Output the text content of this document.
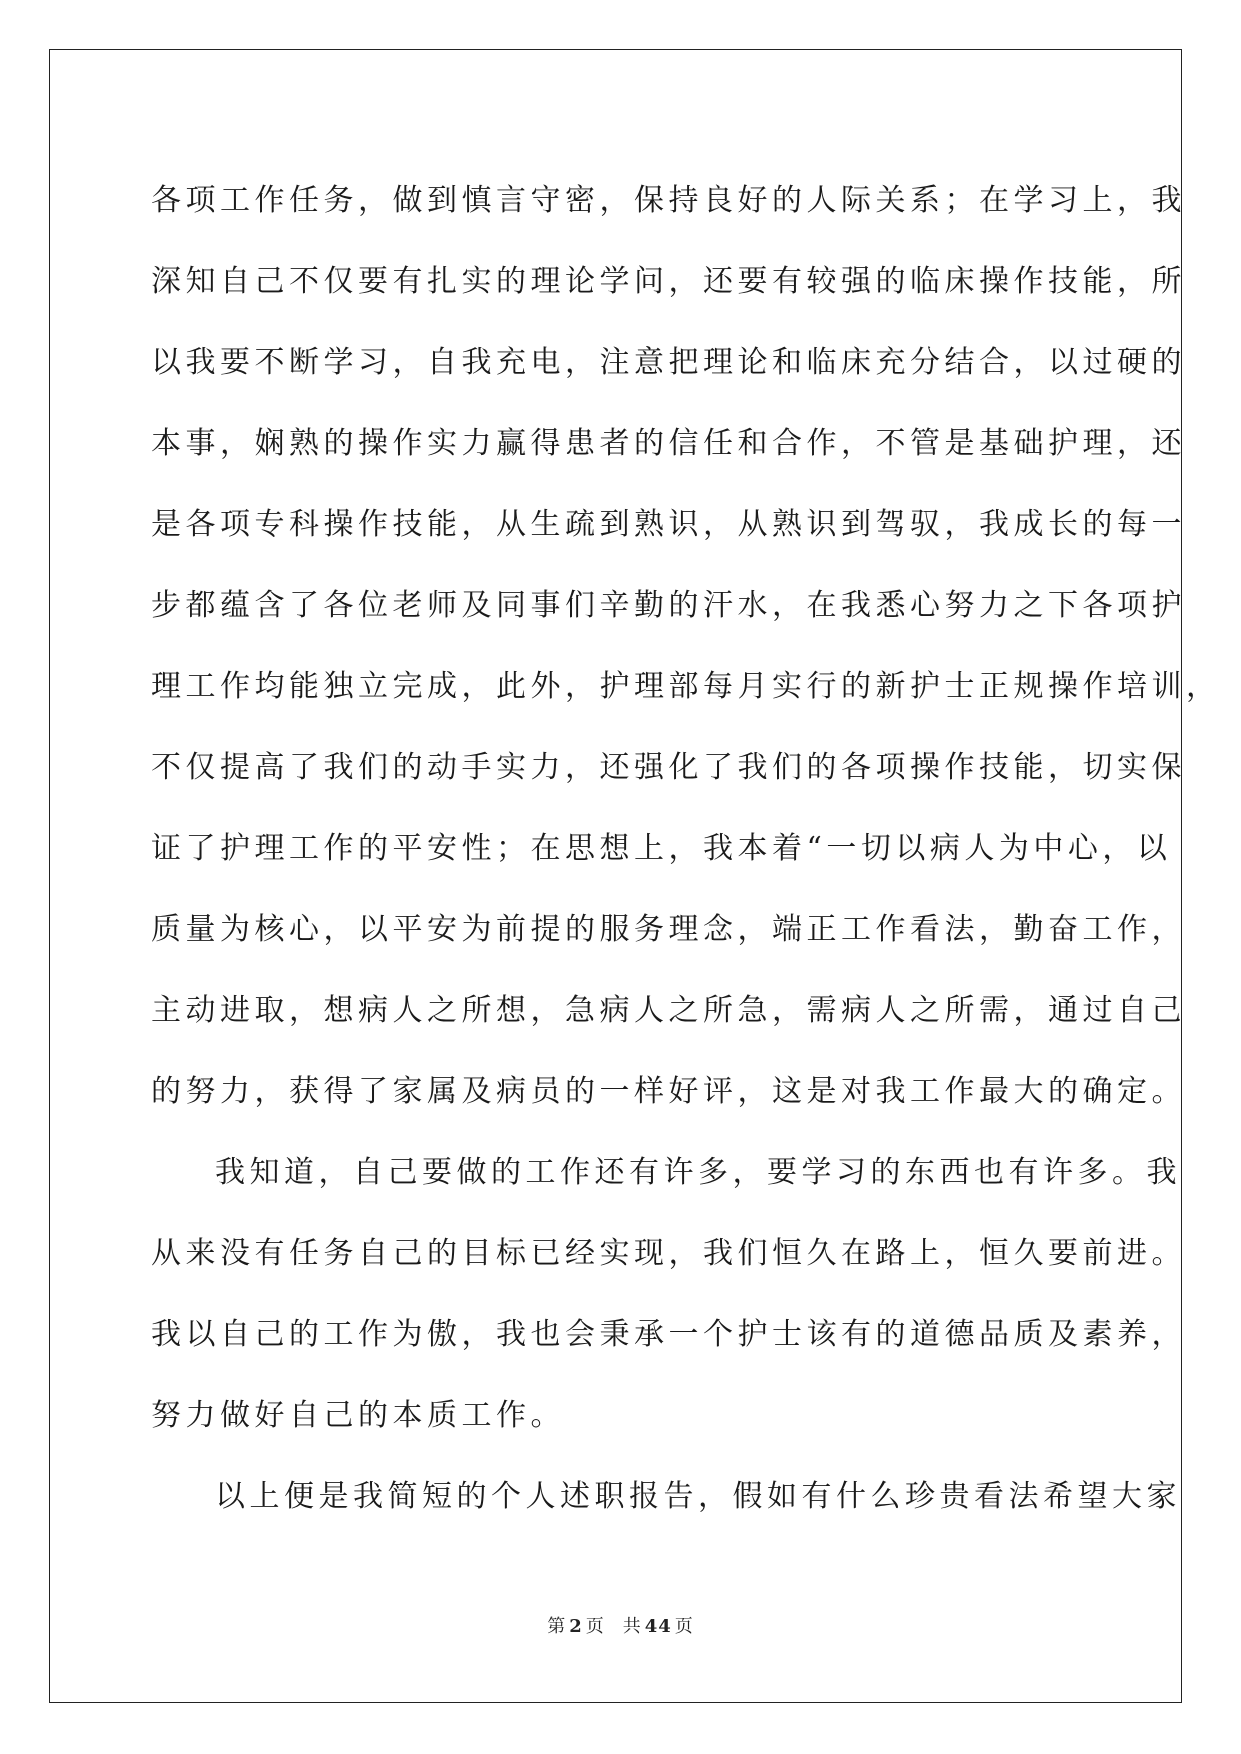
各项工作任务，做到慎言守密，保持良好的人际关系；在学习上，我
深知自己不仅要有扎实的理论学问，还要有较强的临床操作技能，所
以我要不断学习，自我充电，注意把理论和临床充分结合，以过硬的
本事，娴熟的操作实力赢得患者的信任和合作，不管是基础护理，还
是各项专科操作技能，从生疏到熟识，从熟识到驾驭，我成长的每一
步都蕴含了各位老师及同事们辛勤的汗水，在我悉心努力之下各项护
理工作均能独立完成，此外，护理部每月实行的新护士正规操作培训，
不仅提高了我们的动手实力，还强化了我们的各项操作技能，切实保
证了护理工作的平安性；在思想上，我本着“一切以病人为中心，以
质量为核心，以平安为前提的服务理念，端正工作看法，勤奋工作，
主动进取，想病人之所想，急病人之所急，需病人之所需，通过自己
的努力，获得了家属及病员的一样好评，这是对我工作最大的确定。
我知道，自己要做的工作还有许多，要学习的东西也有许多。我
从来没有任务自己的目标已经实现，我们恒久在路上，恒久要前进。
我以自己的工作为傲，我也会秉承一个护士该有的道德品质及素养，
努力做好自己的本质工作。
以上便是我简短的个人述职报告，假如有什么珍贵看法希望大家
第 2 页 共 44 页
